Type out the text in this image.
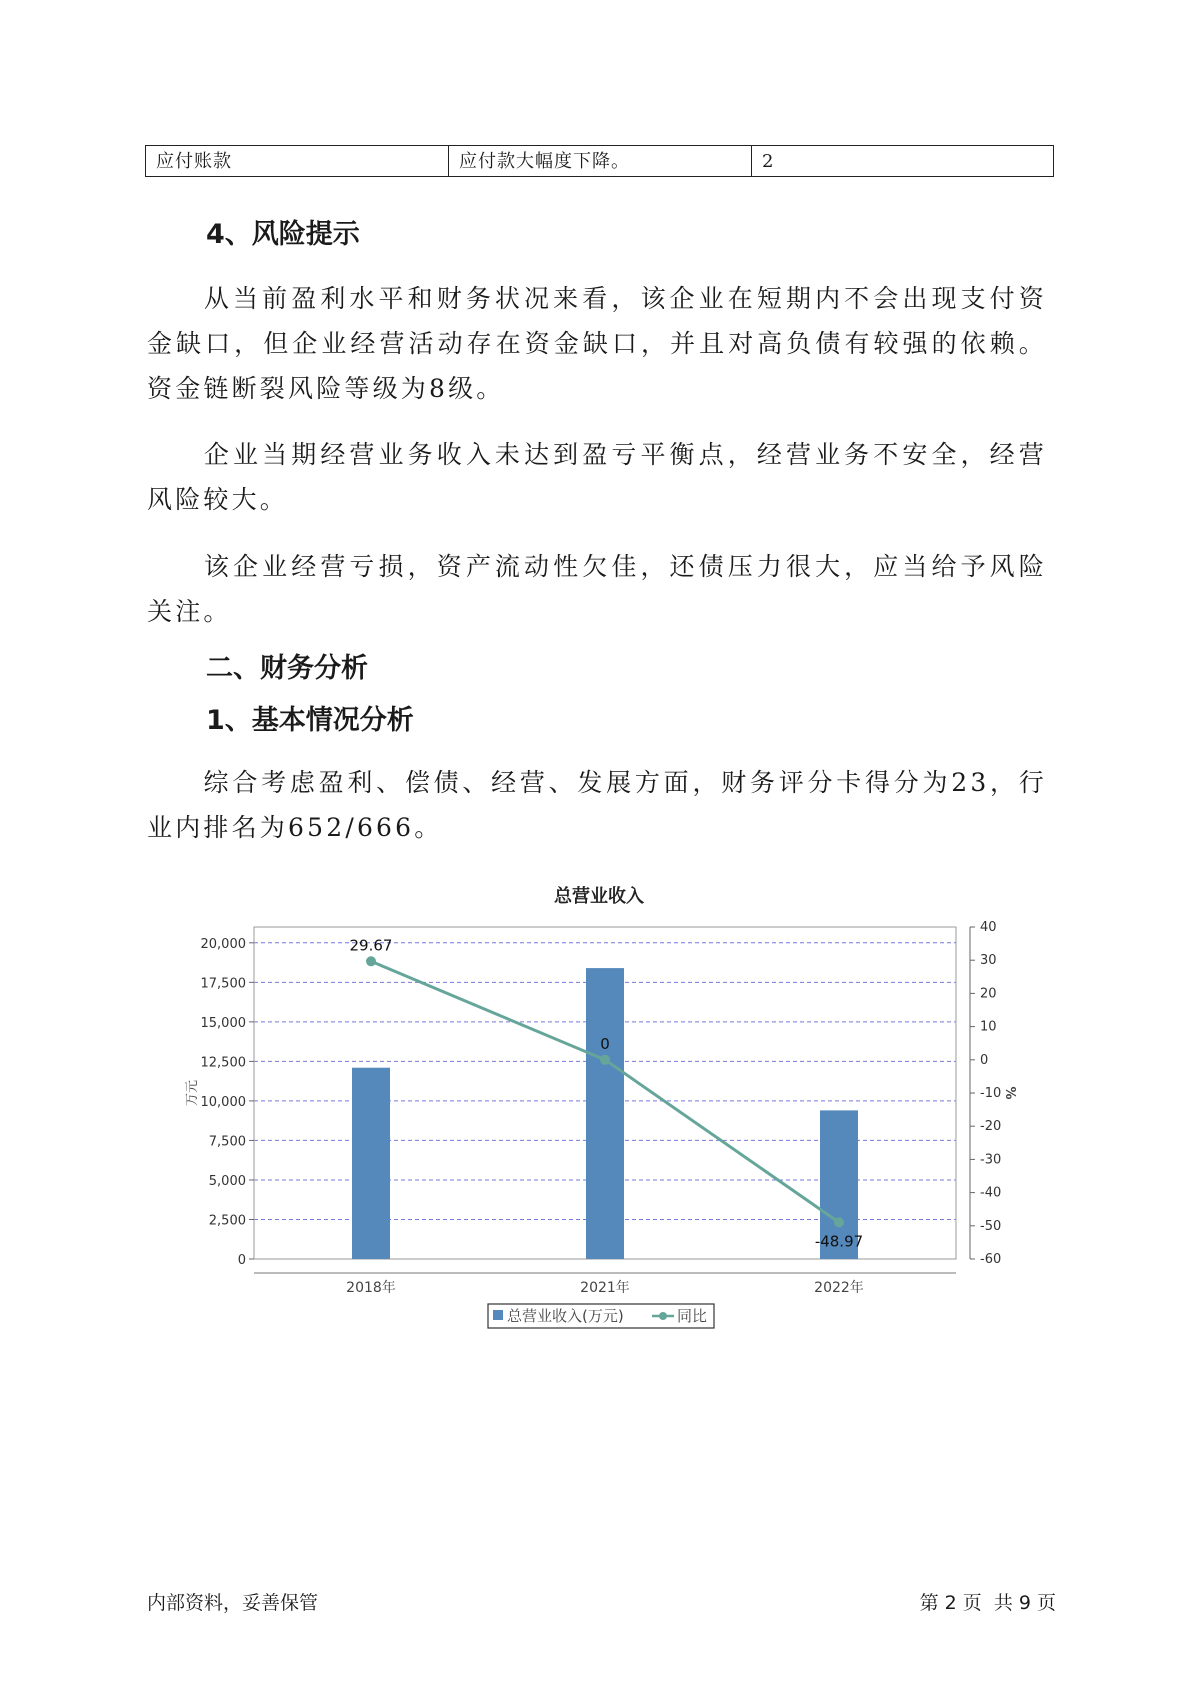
应付账款	应付款大幅度下降。	2
4、风险提示
从当前盈利水平和财务状况来看，该企业在短期内不会出现支付资金缺口，但企业经营活动存在资金缺口，并且对高负债有较强的依赖。资金链断裂风险等级为8级。
企业当期经营业务收入未达到盈亏平衡点，经营业务不安全，经营风险较大。
该企业经营亏损，资产流动性欠佳，还债压力很大，应当给予风险关注。
二、财务分析
1、基本情况分析
综合考虑盈利、偿债、经营、发展方面，财务评分卡得分为23，行业内排名为652/666。
总营业收入
0
2,500
5,000
7,500
10,000
12,500
15,000
17,500
20,000
-60
-50
-40
-30
-20
-10
0
10
20
30
40
2018年	2021年	2022年
万元	%
29.67
0
-48.97
总营业收入(万元)	同比
内部资料，妥善保管	第 2 页  共 9 页
